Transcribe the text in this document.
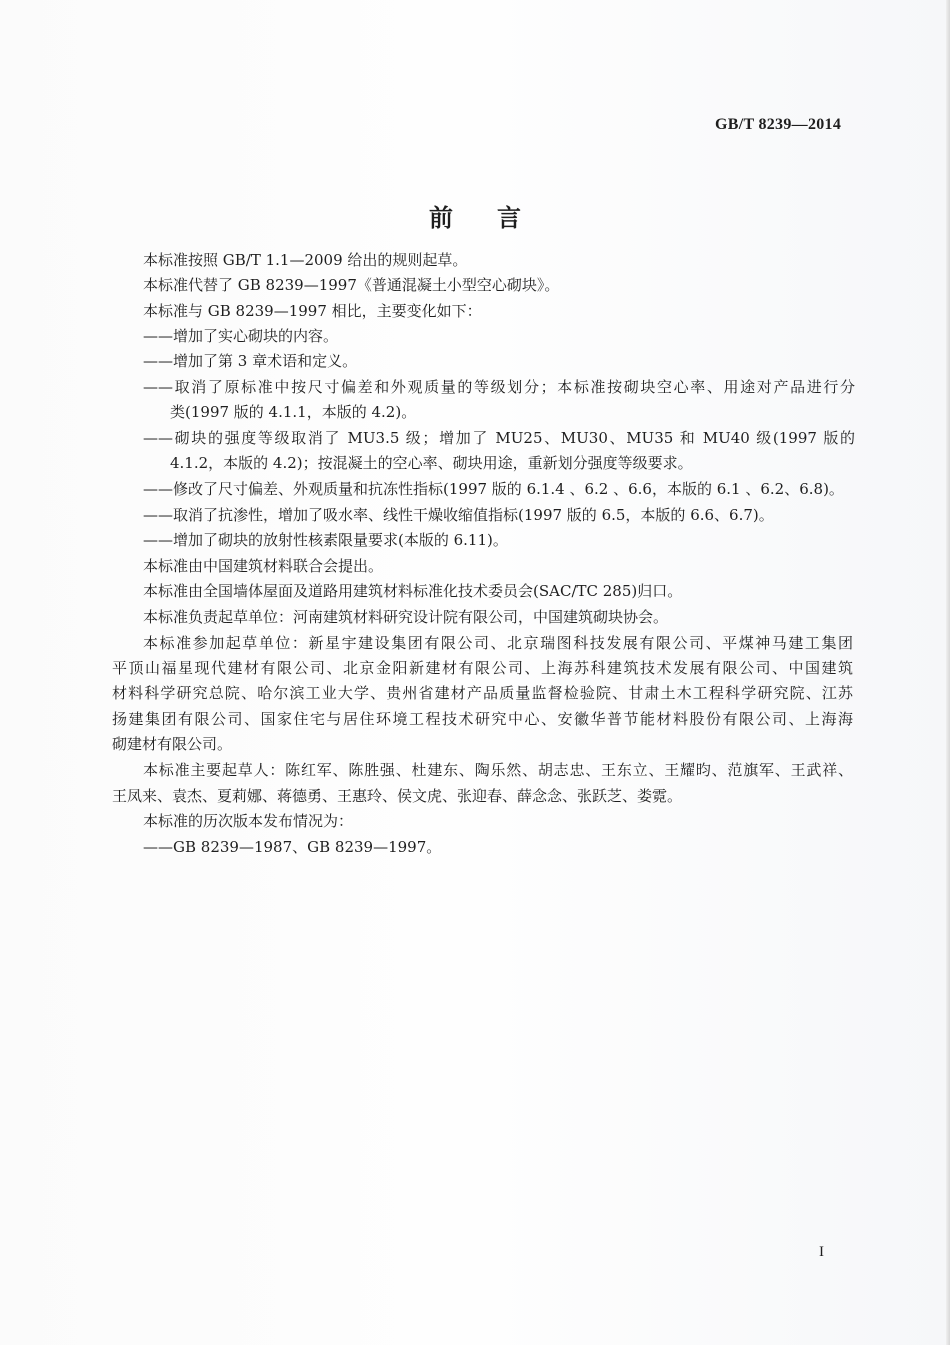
GB/T 8239—2014
前言
本标准按照 GB/T 1.1—2009 给出的规则起草。
本标准代替了 GB 8239—1997《普通混凝土小型空心砌块》。
本标准与 GB 8239—1997 相比，主要变化如下：
——增加了实心砌块的内容。
——增加了第 3 章术语和定义。
——取消了原标准中按尺寸偏差和外观质量的等级划分；本标准按砌块空心率、用途对产品进行分
类(1997 版的 4.1.1，本版的 4.2)。
——砌块的强度等级取消了 MU3.5 级；增加了 MU25、MU30、MU35 和 MU40 级(1997 版的
4.1.2，本版的 4.2)；按混凝土的空心率、砌块用途，重新划分强度等级要求。
——修改了尺寸偏差、外观质量和抗冻性指标(1997 版的 6.1.4 、6.2 、6.6，本版的 6.1 、6.2、6.8)。
——取消了抗渗性，增加了吸水率、线性干燥收缩值指标(1997 版的 6.5，本版的 6.6、6.7)。
——增加了砌块的放射性核素限量要求(本版的 6.11)。
本标准由中国建筑材料联合会提出。
本标准由全国墙体屋面及道路用建筑材料标准化技术委员会(SAC/TC 285)归口。
本标准负责起草单位：河南建筑材料研究设计院有限公司，中国建筑砌块协会。
本标准参加起草单位：新星宇建设集团有限公司、北京瑞图科技发展有限公司、平煤神马建工集团
平顶山福星现代建材有限公司、北京金阳新建材有限公司、上海苏科建筑技术发展有限公司、中国建筑
材料科学研究总院、哈尔滨工业大学、贵州省建材产品质量监督检验院、甘肃土木工程科学研究院、江苏
扬建集团有限公司、国家住宅与居住环境工程技术研究中心、安徽华普节能材料股份有限公司、上海海
砌建材有限公司。
本标准主要起草人：陈红军、陈胜强、杜建东、陶乐然、胡志忠、王东立、王耀昀、范旗军、王武祥、
王凤来、袁杰、夏莉娜、蒋德勇、王惠玲、侯文虎、张迎春、薛念念、张跃芝、娄霓。
本标准的历次版本发布情况为：
——GB 8239—1987、GB 8239—1997。
I
